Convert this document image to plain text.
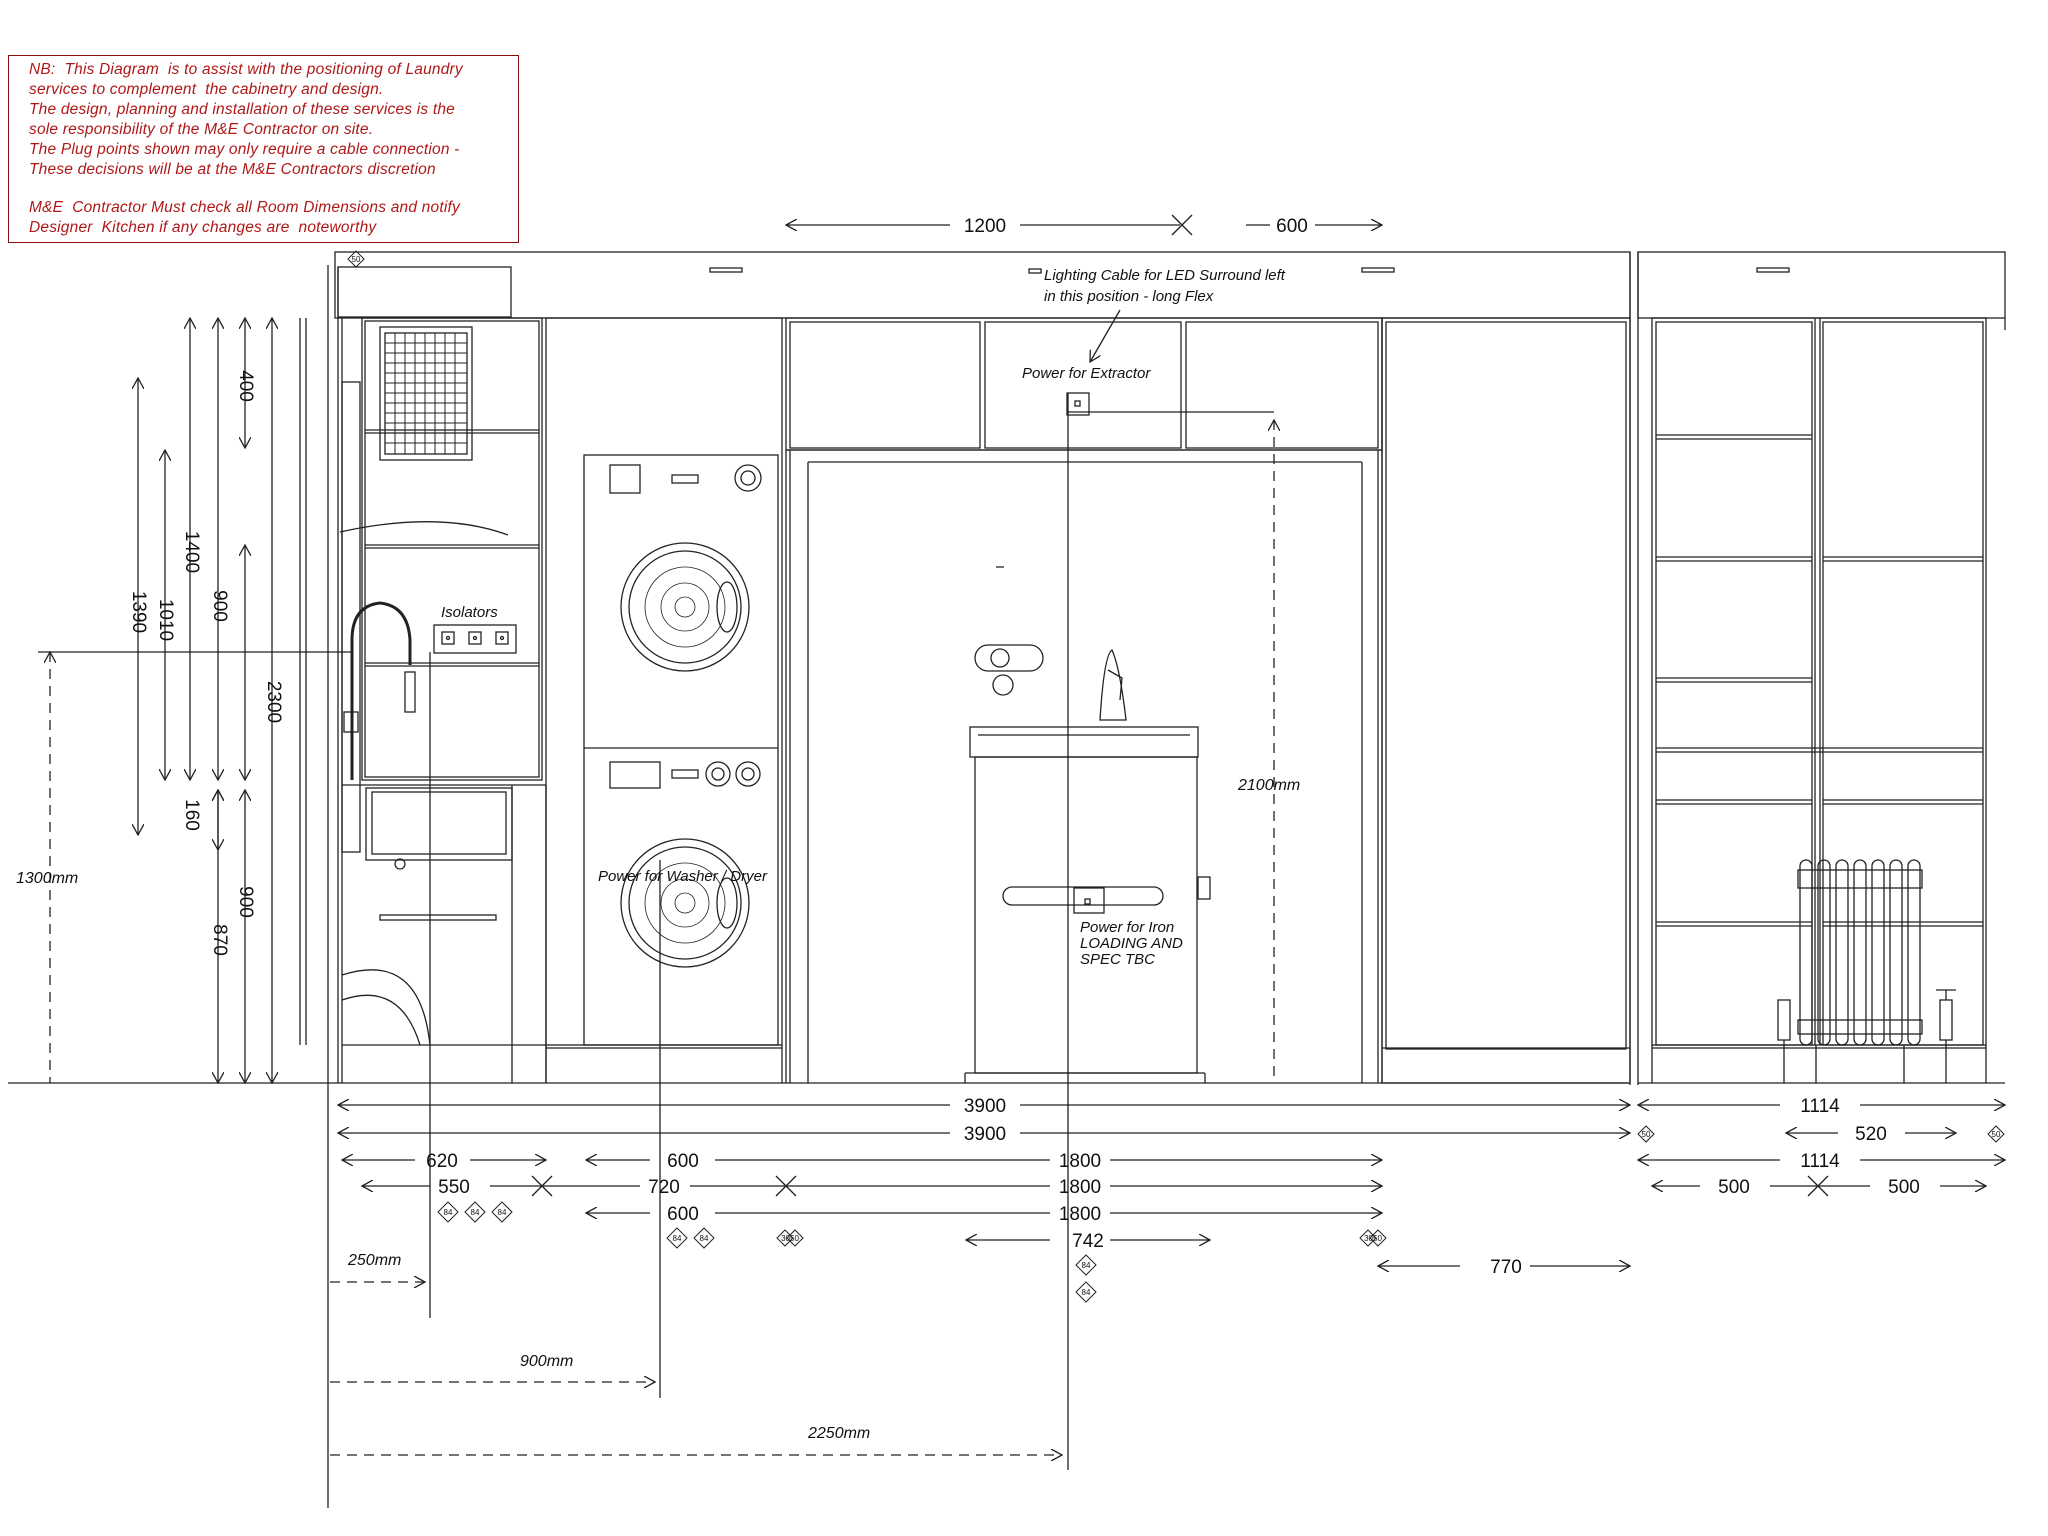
NB:  This Diagram  is to assist with the positioning of Laundry
services to complement  the cabinetry and design.
The design, planning and installation of these services is the
sole responsibility of the M&E Contractor on site.
The Plug points shown may only require a cable connection -
These decisions will be at the M&E Contractors discretion
M&E  Contractor Must check all Room Dimensions and notify
Designer  Kitchen if any changes are  noteworthy
Lighting Cable for LED Surround left
in this position - long Flex
Power for Extractor
Isolators
Power for Washer / Dryer
Power for Iron
LOADING AND
SPEC TBC
2100mm
1300mm
250mm
900mm
2250mm
1200	600
400
1400
900
1010
1390
2300
160
900
870
3900
3900
1114
520
1114
500	500
620	600	1800
550	720	1800
600	1800
742
770
84 84 84
84 84
84
84
3050	3050
50	50
50
